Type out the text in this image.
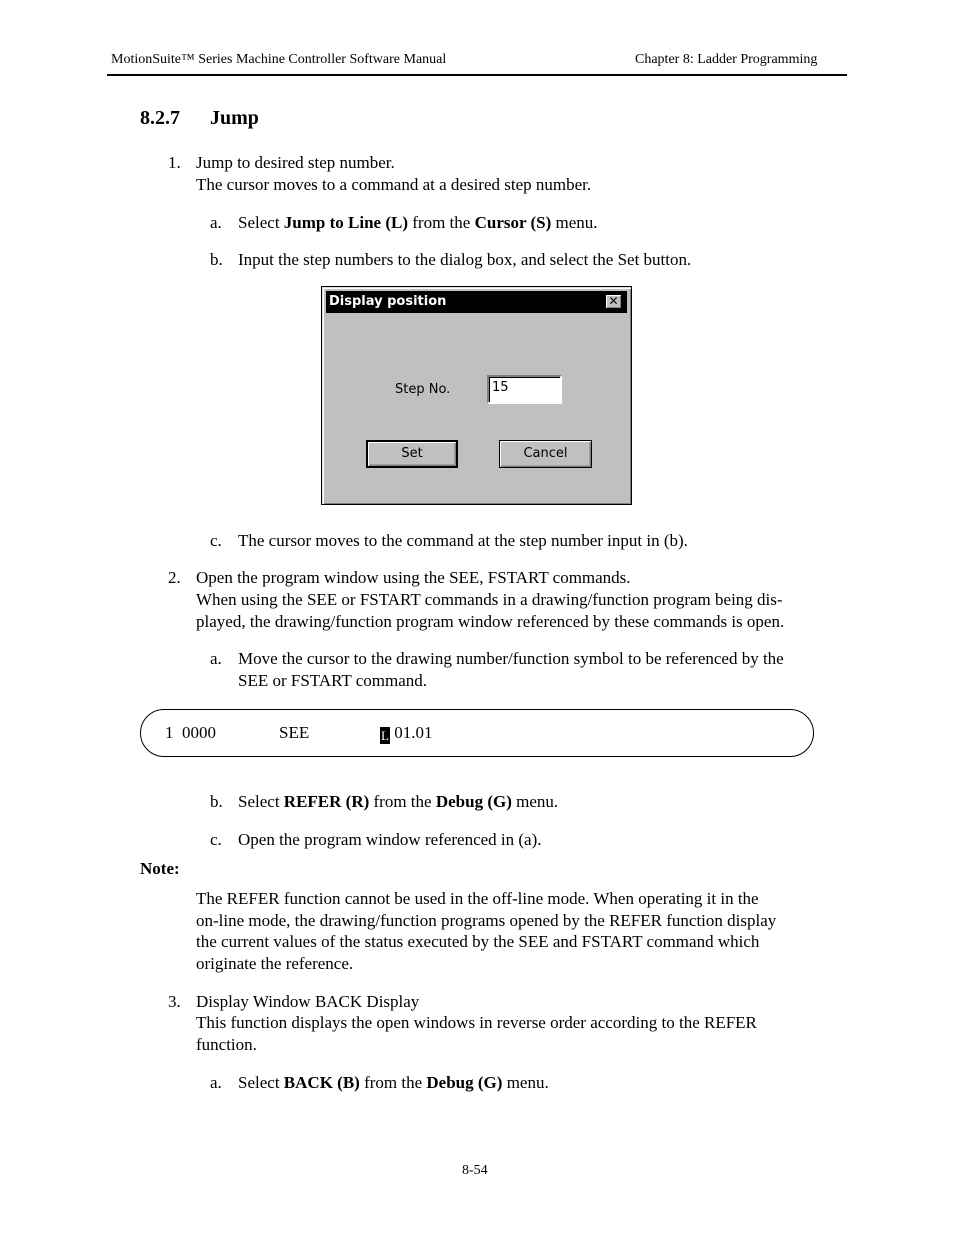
MotionSuite™ Series Machine Controller Software Manual	Chapter 8: Ladder Programming
8.2.7 Jump
1. Jump to desired step number.
The cursor moves to a command at a desired step number.
a. Select Jump to Line (L) from the Cursor (S) menu.
b. Input the step numbers to the dialog box, and select the Set button.
Display position	✕
Step No.	15
Set	Cancel
c. The cursor moves to the command at the step number input in (b).
2. Open the program window using the SEE, FSTART commands.
When using the SEE or FSTART commands in a drawing/function program being dis-
played, the drawing/function program window referenced by these commands is open.
a. Move the cursor to the drawing number/function symbol to be referenced by the
SEE or FSTART command.
1 0000	SEE	L 01.01
b. Select REFER (R) from the Debug (G) menu.
c. Open the program window referenced in (a).
Note:
The REFER function cannot be used in the off-line mode. When operating it in the
on-line mode, the drawing/function programs opened by the REFER function display
the current values of the status executed by the SEE and FSTART command which
originate the reference.
3. Display Window BACK Display
This function displays the open windows in reverse order according to the REFER
function.
a. Select BACK (B) from the Debug (G) menu.
8-54
